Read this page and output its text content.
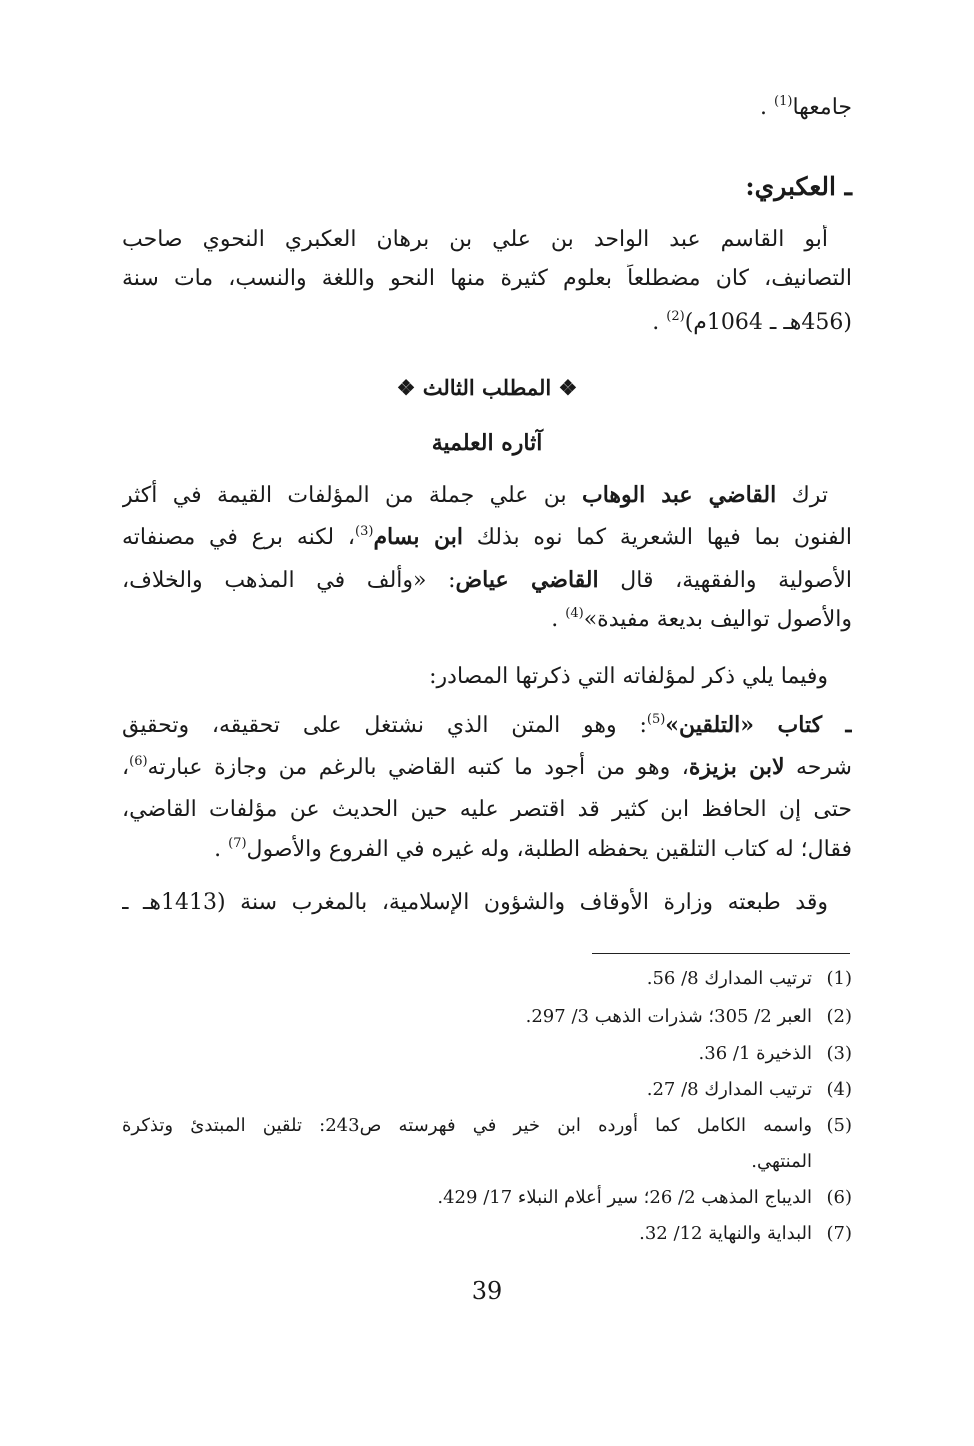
جامعها$^{(1)}$ .
ـ العكبري:
أبو القاسم عبد الواحد بن علي بن برهان العكبري النحوي صاحب
التصانيف، كان مضطلعاً بعلوم كثيرة منها النحو واللغة والنسب، مات سنة
(456هـ ـ 1064م)$^{(2)}$ .
❖ المطلب الثالث ❖
آثاره العلمية
ترك القاضي عبد الوهاب بن علي جملة من المؤلفات القيمة في أكثر
الفنون بما فيها الشعرية كما نوه بذلك ابن بسام$^{(3)}$، لكنه برع في مصنفاته
الأصولية والفقهية، قال القاضي عياض: «وألف في المذهب والخلاف،
والأصول تواليف بديعة مفيدة»$^{(4)}$ .
وفيما يلي ذكر لمؤلفاته التي ذكرتها المصادر:
ـ كتاب «التلقين»$^{(5)}$: وهو المتن الذي نشتغل على تحقيقه، وتحقيق
شرحه لابن بزيزة، وهو من أجود ما كتبه القاضي بالرغم من وجازة عبارته$^{(6)}$،
حتى إن الحافظ ابن كثير قد اقتصر عليه حين الحديث عن مؤلفات القاضي،
فقال؛ له كتاب التلقين يحفظه الطلبة، وله غيره في الفروع والأصول$^{(7)}$ .
وقد طبعته وزارة الأوقاف والشؤون الإسلامية، بالمغرب سنة (1413هـ ـ
(1)ترتيب المدارك 8/ 56.
(2)العبر 2/ 305؛ شذرات الذهب 3/ 297.
(3)الذخيرة 1/ 36.
(4)ترتيب المدارك 8/ 27.
(5)واسمه الكامل كما أورده ابن خير في فهرسته ص243: تلقين المبتدئ وتذكرة
المنتهي.
(6)الديباج المذهب 2/ 26؛ سير أعلام النبلاء 17/ 429.
(7)البداية والنهاية 12/ 32.
39
